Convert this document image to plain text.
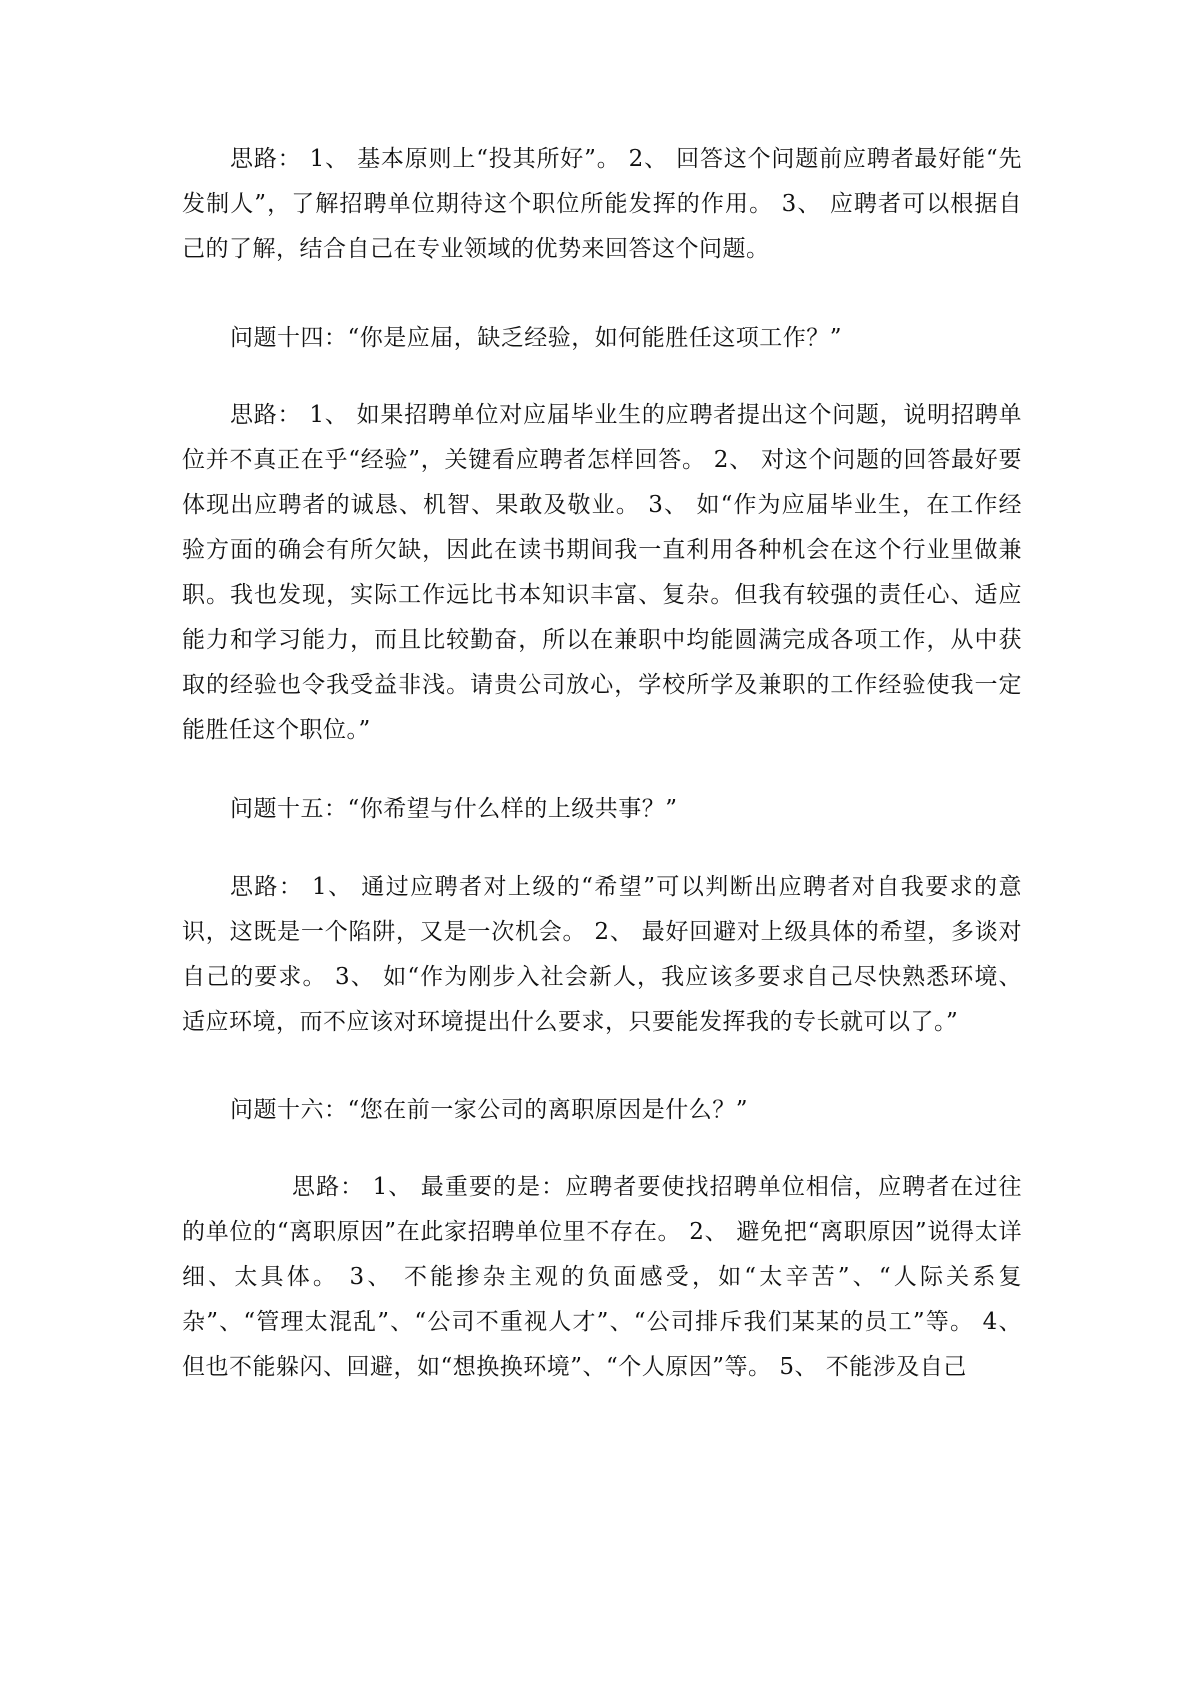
思路： 1、 基本原则上“投其所好”。 2、 回答这个问题前应聘者最好能“先发制人”，了解招聘单位期待这个职位所能发挥的作用。 3、 应聘者可以根据自己的了解，结合自己在专业领域的优势来回答这个问题。

问题十四：“你是应届，缺乏经验，如何能胜任这项工作？”

思路： 1、 如果招聘单位对应届毕业生的应聘者提出这个问题，说明招聘单位并不真正在乎“经验”，关键看应聘者怎样回答。 2、 对这个问题的回答最好要体现出应聘者的诚恳、机智、果敢及敬业。 3、 如“作为应届毕业生，在工作经验方面的确会有所欠缺，因此在读书期间我一直利用各种机会在这个行业里做兼职。我也发现，实际工作远比书本知识丰富、复杂。但我有较强的责任心、适应能力和学习能力，而且比较勤奋，所以在兼职中均能圆满完成各项工作，从中获取的经验也令我受益非浅。请贵公司放心，学校所学及兼职的工作经验使我一定能胜任这个职位。”

问题十五：“你希望与什么样的上级共事？”

思路： 1、 通过应聘者对上级的“希望”可以判断出应聘者对自我要求的意识，这既是一个陷阱，又是一次机会。 2、 最好回避对上级具体的希望，多谈对自己的要求。 3、 如“作为刚步入社会新人，我应该多要求自己尽快熟悉环境、适应环境，而不应该对环境提出什么要求，只要能发挥我的专长就可以了。”

问题十六：“您在前一家公司的离职原因是什么？”

思路： 1、 最重要的是：应聘者要使找招聘单位相信，应聘者在过往的单位的“离职原因”在此家招聘单位里不存在。 2、 避免把“离职原因”说得太详细、太具体。 3、 不能掺杂主观的负面感受，如“太辛苦”、“人际关系复杂”、“管理太混乱”、“公司不重视人才”、“公司排斥我们某某的员工”等。 4、 但也不能躲闪、回避，如“想换换环境”、“个人原因”等。 5、 不能涉及自己
